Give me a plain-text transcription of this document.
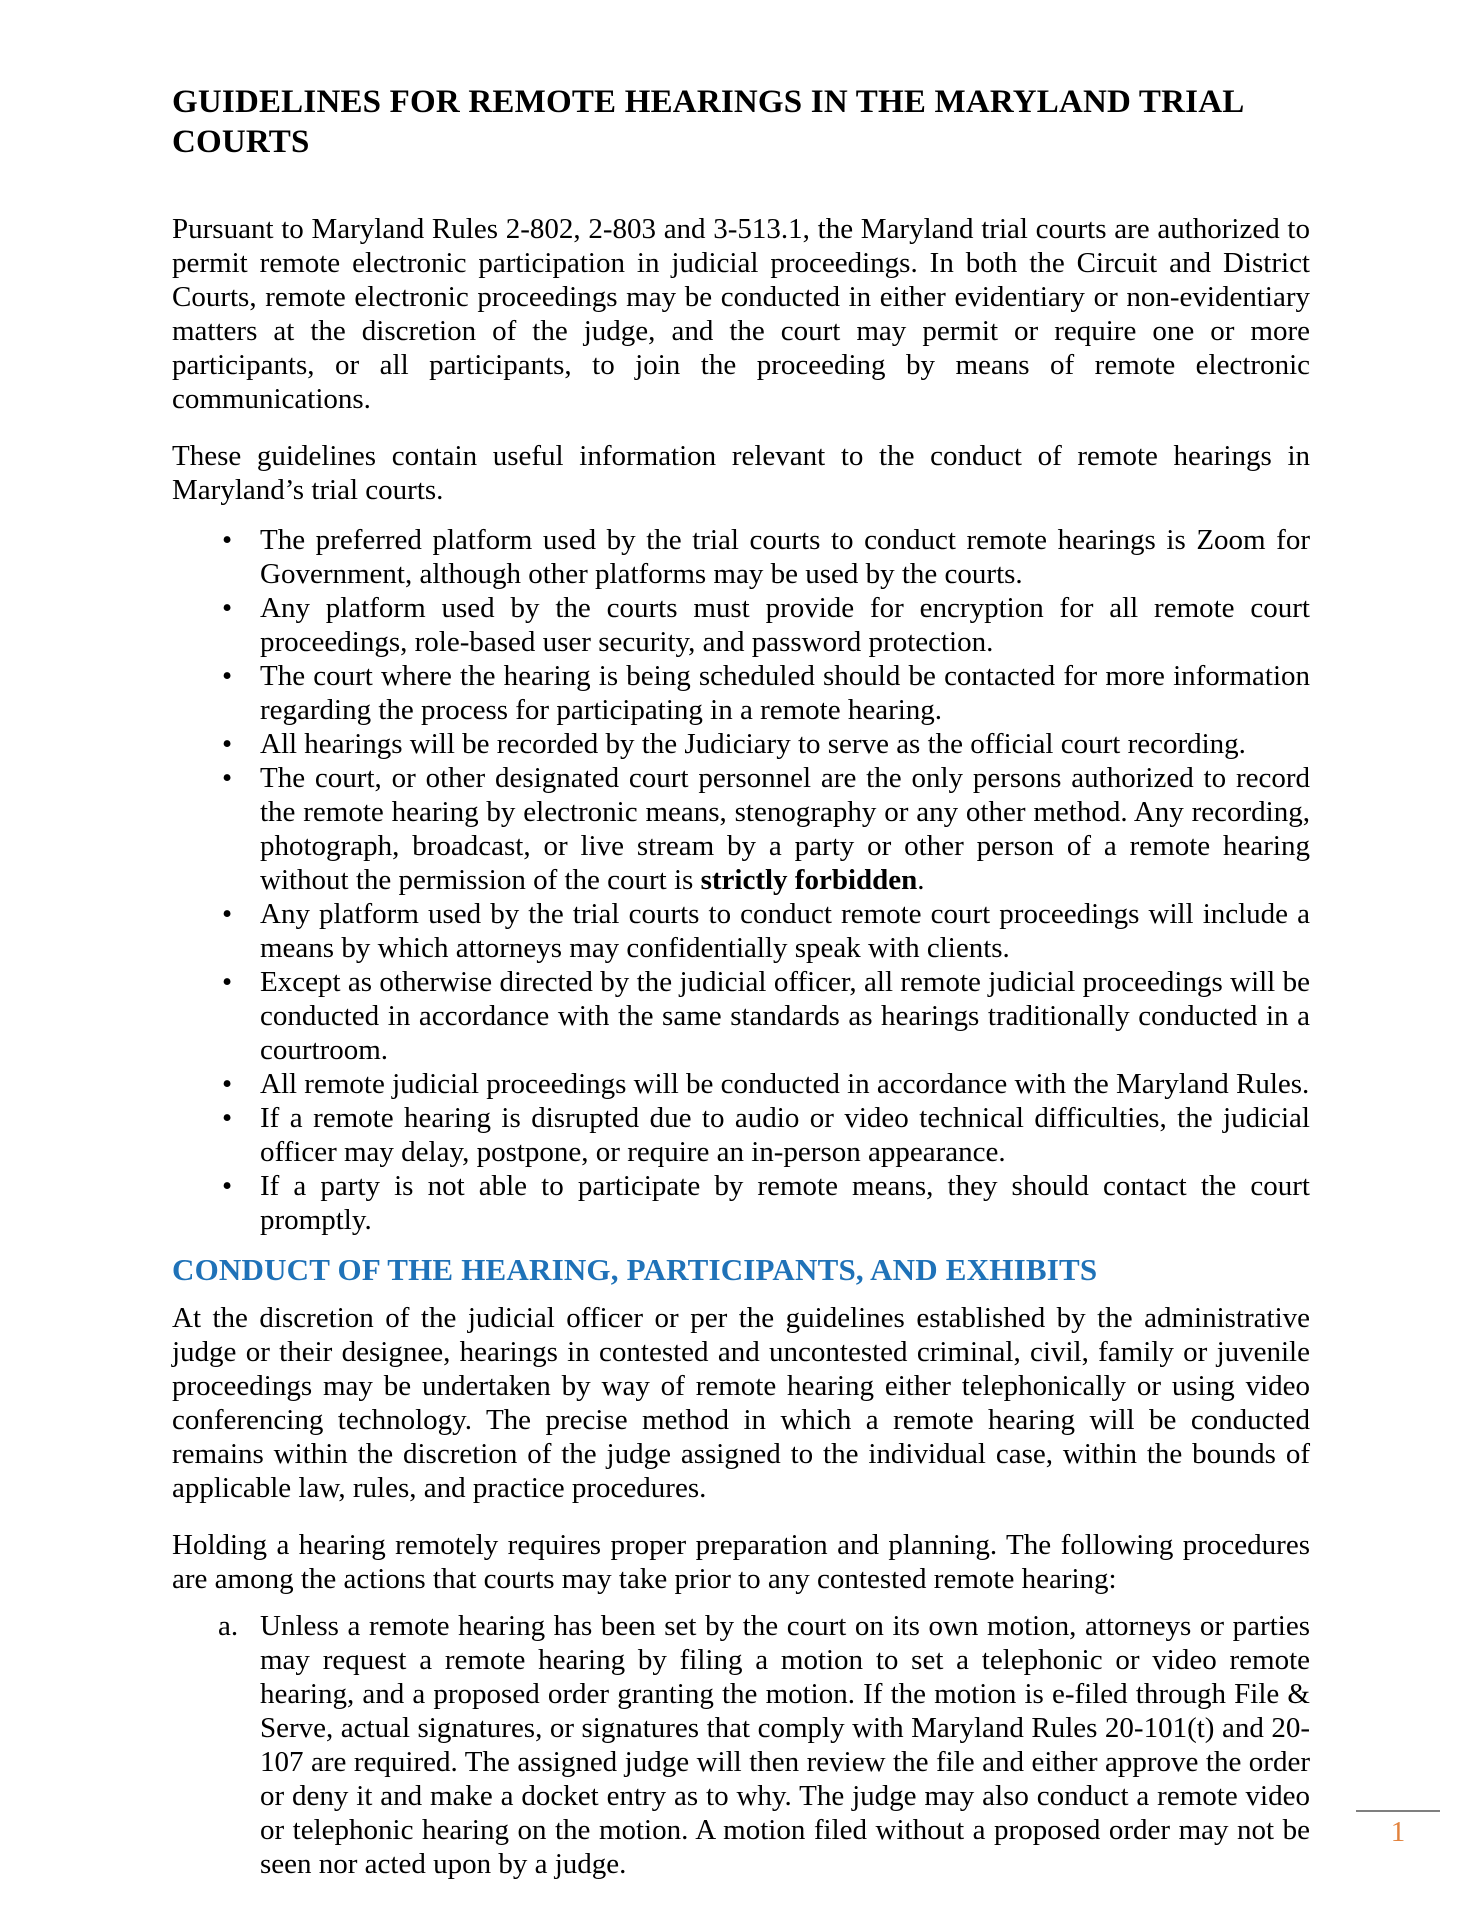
GUIDELINES FOR REMOTE HEARINGS IN THE MARYLAND TRIAL COURTS

Pursuant to Maryland Rules 2-802, 2-803 and 3-513.1, the Maryland trial courts are authorized to permit remote electronic participation in judicial proceedings. In both the Circuit and District Courts, remote electronic proceedings may be conducted in either evidentiary or non-evidentiary matters at the discretion of the judge, and the court may permit or require one or more participants, or all participants, to join the proceeding by means of remote electronic communications.

These guidelines contain useful information relevant to the conduct of remote hearings in Maryland’s trial courts.

• The preferred platform used by the trial courts to conduct remote hearings is Zoom for Government, although other platforms may be used by the courts.
• Any platform used by the courts must provide for encryption for all remote court proceedings, role-based user security, and password protection.
• The court where the hearing is being scheduled should be contacted for more information regarding the process for participating in a remote hearing.
• All hearings will be recorded by the Judiciary to serve as the official court recording.
• The court, or other designated court personnel are the only persons authorized to record the remote hearing by electronic means, stenography or any other method. Any recording, photograph, broadcast, or live stream by a party or other person of a remote hearing without the permission of the court is strictly forbidden.
• Any platform used by the trial courts to conduct remote court proceedings will include a means by which attorneys may confidentially speak with clients.
• Except as otherwise directed by the judicial officer, all remote judicial proceedings will be conducted in accordance with the same standards as hearings traditionally conducted in a courtroom.
• All remote judicial proceedings will be conducted in accordance with the Maryland Rules.
• If a remote hearing is disrupted due to audio or video technical difficulties, the judicial officer may delay, postpone, or require an in-person appearance.
• If a party is not able to participate by remote means, they should contact the court promptly.
CONDUCT OF THE HEARING, PARTICIPANTS, AND EXHIBITS

At the discretion of the judicial officer or per the guidelines established by the administrative judge or their designee, hearings in contested and uncontested criminal, civil, family or juvenile proceedings may be undertaken by way of remote hearing either telephonically or using video conferencing technology. The precise method in which a remote hearing will be conducted remains within the discretion of the judge assigned to the individual case, within the bounds of applicable law, rules, and practice procedures.

Holding a hearing remotely requires proper preparation and planning. The following procedures are among the actions that courts may take prior to any contested remote hearing:

a. Unless a remote hearing has been set by the court on its own motion, attorneys or parties may request a remote hearing by filing a motion to set a telephonic or video remote hearing, and a proposed order granting the motion. If the motion is e-filed through File & Serve, actual signatures, or signatures that comply with Maryland Rules 20-101(t) and 20-107 are required. The assigned judge will then review the file and either approve the order or deny it and make a docket entry as to why. The judge may also conduct a remote video or telephonic hearing on the motion. A motion filed without a proposed order may not be seen nor acted upon by a judge.
1
